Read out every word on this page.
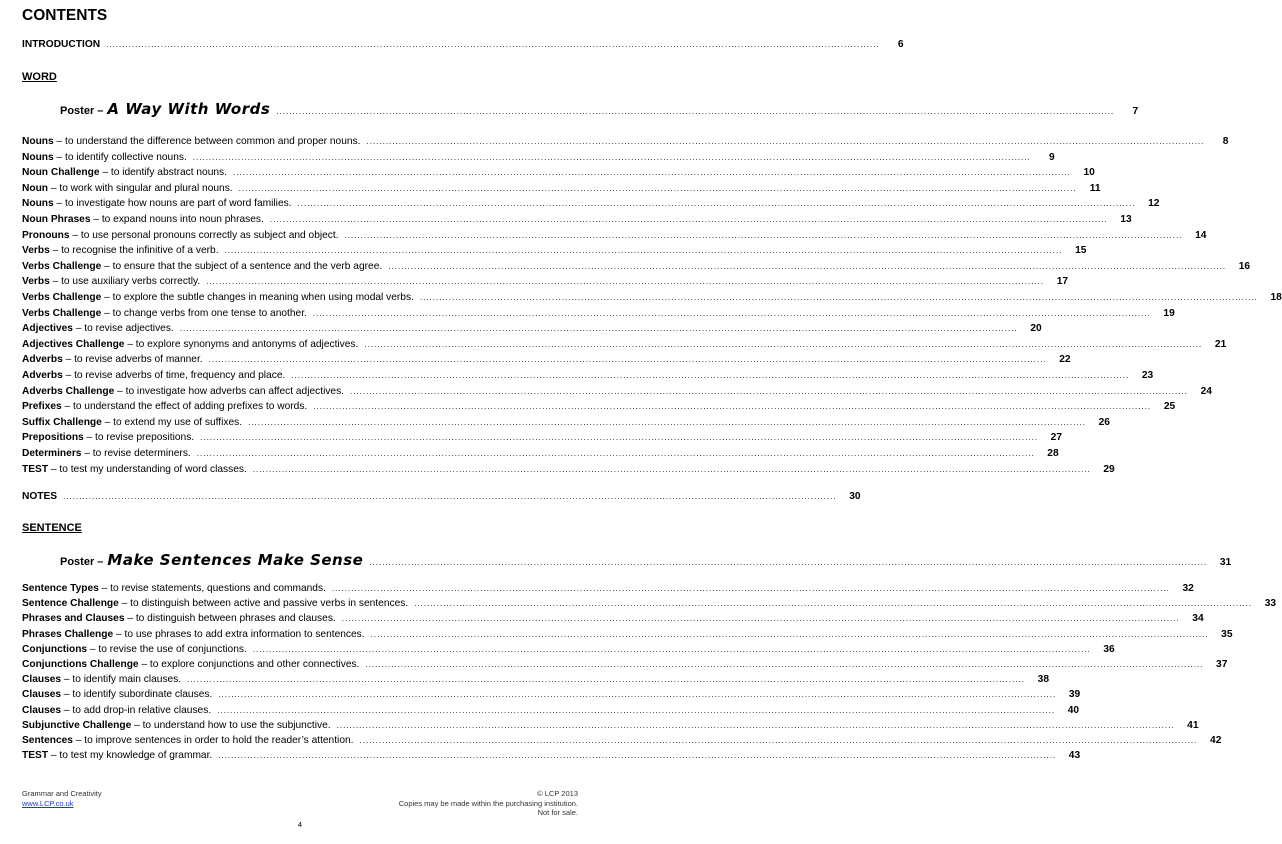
CONTENTS
INTRODUCTION ................................................................................................................................................................................................................................................	6
WORD
Poster – A Way With Words ....................................................................................................................................................................................................................................................................	7
Nouns – to understand the difference between common and proper nouns. ....................................................................................................................................................................................................................................................................	8
Nouns – to identify collective nouns. ....................................................................................................................................................................................................................................................................	9
Noun Challenge – to identify abstract nouns. ....................................................................................................................................................................................................................................................................	10
Noun – to work with singular and plural nouns. ....................................................................................................................................................................................................................................................................	11
Nouns – to investigate how nouns are part of word families. ....................................................................................................................................................................................................................................................................	12
Noun Phrases – to expand nouns into noun phrases. ....................................................................................................................................................................................................................................................................	13
Pronouns – to use personal pronouns correctly as subject and object. ....................................................................................................................................................................................................................................................................	14
Verbs – to recognise the infinitive of a verb. ....................................................................................................................................................................................................................................................................	15
Verbs Challenge – to ensure that the subject of a sentence and the verb agree. ....................................................................................................................................................................................................................................................................	16
Verbs – to use auxiliary verbs correctly. ....................................................................................................................................................................................................................................................................	17
Verbs Challenge – to explore the subtle changes in meaning when using modal verbs. ....................................................................................................................................................................................................................................................................	18
Verbs Challenge – to change verbs from one tense to another. ....................................................................................................................................................................................................................................................................	19
Adjectives – to revise adjectives. ....................................................................................................................................................................................................................................................................	20
Adjectives Challenge – to explore synonyms and antonyms of adjectives. ....................................................................................................................................................................................................................................................................	21
Adverbs – to revise adverbs of manner. ....................................................................................................................................................................................................................................................................	22
Adverbs – to revise adverbs of time, frequency and place. ....................................................................................................................................................................................................................................................................	23
Adverbs Challenge – to investigate how adverbs can affect adjectives. ....................................................................................................................................................................................................................................................................	24
Prefixes – to understand the effect of adding prefixes to words. ....................................................................................................................................................................................................................................................................	25
Suffix Challenge – to extend my use of suffixes. ....................................................................................................................................................................................................................................................................	26
Prepositions – to revise prepositions. ....................................................................................................................................................................................................................................................................	27
Determiners – to revise determiners. ....................................................................................................................................................................................................................................................................	28
TEST – to test my understanding of word classes. ....................................................................................................................................................................................................................................................................	29
NOTES ................................................................................................................................................................................................................................................	30
SENTENCE
Poster – Make Sentences Make Sense ....................................................................................................................................................................................................................................................................	31
Sentence Types – to revise statements, questions and commands. ....................................................................................................................................................................................................................................................................	32
Sentence Challenge – to distinguish between active and passive verbs in sentences. ....................................................................................................................................................................................................................................................................	33
Phrases and Clauses – to distinguish between phrases and clauses. ....................................................................................................................................................................................................................................................................	34
Phrases Challenge – to use phrases to add extra information to sentences. ....................................................................................................................................................................................................................................................................	35
Conjunctions – to revise the use of conjunctions. ....................................................................................................................................................................................................................................................................	36
Conjunctions Challenge – to explore conjunctions and other connectives. ....................................................................................................................................................................................................................................................................	37
Clauses – to identify main clauses. ....................................................................................................................................................................................................................................................................	38
Clauses – to identify subordinate clauses. ....................................................................................................................................................................................................................................................................	39
Clauses – to add drop-in relative clauses. ....................................................................................................................................................................................................................................................................	40
Subjunctive Challenge – to understand how to use the subjunctive. ....................................................................................................................................................................................................................................................................	41
Sentences – to improve sentences in order to hold the reader’s attention. ....................................................................................................................................................................................................................................................................	42
TEST – to test my knowledge of grammar. ....................................................................................................................................................................................................................................................................	43
Grammar and Creativity
www.LCP.co.uk
© LCP 2013
Copies may be made within the purchasing institution.
Not for sale.
4
